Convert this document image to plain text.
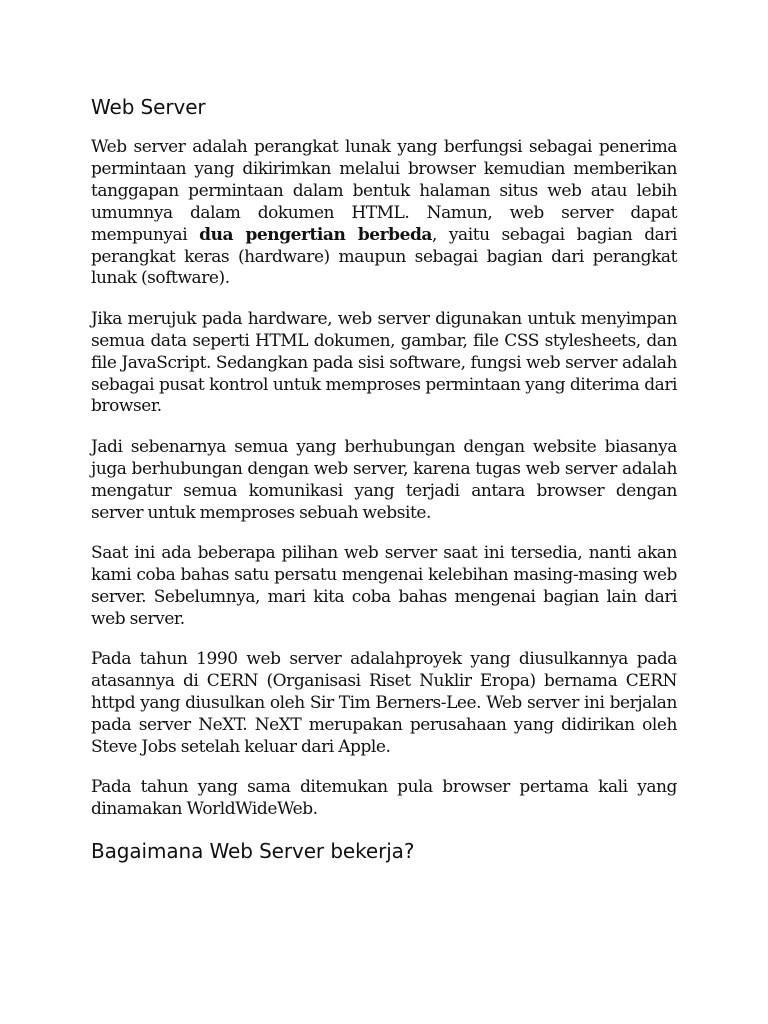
Web Server

Web server adalah perangkat lunak yang berfungsi sebagai penerima permintaan yang dikirimkan melalui browser kemudian memberikan tanggapan permintaan dalam bentuk halaman situs web atau lebih umumnya dalam dokumen HTML. Namun, web server dapat mempunyai dua pengertian berbeda, yaitu sebagai bagian dari perangkat keras (hardware) maupun sebagai bagian dari perangkat lunak (software).

Jika merujuk pada hardware, web server digunakan untuk menyimpan semua data seperti HTML dokumen, gambar, file CSS stylesheets, dan file JavaScript. Sedangkan pada sisi software, fungsi web server adalah sebagai pusat kontrol untuk memproses permintaan yang diterima dari browser.

Jadi sebenarnya semua yang berhubungan dengan website biasanya juga berhubungan dengan web server, karena tugas web server adalah mengatur semua komunikasi yang terjadi antara browser dengan server untuk memproses sebuah website.

Saat ini ada beberapa pilihan web server saat ini tersedia, nanti akan kami coba bahas satu persatu mengenai kelebihan masing-masing web server. Sebelumnya, mari kita coba bahas mengenai bagian lain dari web server.

Pada tahun 1990 web server adalahproyek yang diusulkannya pada atasannya di CERN (Organisasi Riset Nuklir Eropa) bernama CERN httpd yang diusulkan oleh Sir Tim Berners-Lee. Web server ini berjalan pada server NeXT. NeXT merupakan perusahaan yang didirikan oleh Steve Jobs setelah keluar dari Apple.

Pada tahun yang sama ditemukan pula browser pertama kali yang dinamakan WorldWideWeb.

Bagaimana Web Server bekerja?
